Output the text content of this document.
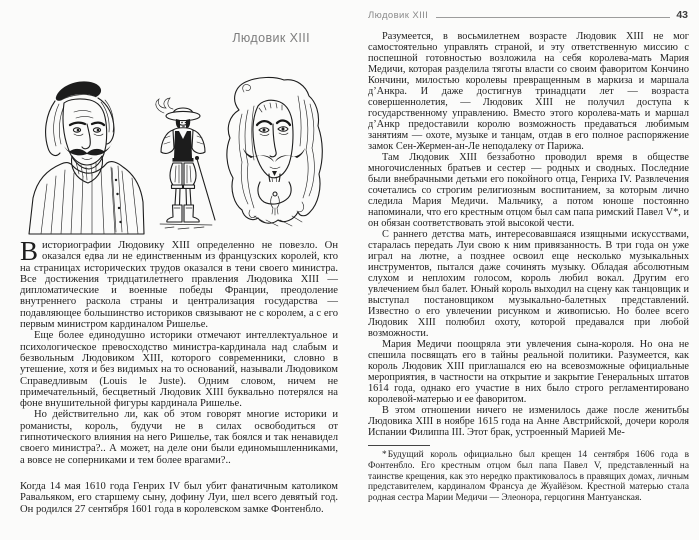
Людовик XIII

Висториографии Людовику XIII определенно не повезло. Он оказался едва ли не единственным из французских королей, кто на страницах исторических трудов оказался в тени своего министра. Все достижения тридцатилетнего правления Людовика XIII — дипломатические и военные победы Франции, преодоление внутреннего раскола страны и централизация государства — подавляющее большинство историков связывают не с королем, а с его первым министром кардиналом Ришелье.

Еще более единодушно историки отмечают интеллектуальное и психологическое превосходство министра-кардинала над слабым и безвольным Людовиком XIII, которого современники, словно в утешение, хотя и без видимых на то оснований, называли Людовиком Справедливым (Louis le Juste). Одним словом, ничем не примечательный, бесцветный Людовик XIII буквально потерялся на фоне внушительной фигуры кардинала Ришелье.

Но действительно ли, как об этом говорят многие историки и романисты, король, будучи не в силах освободиться от гипнотического влияния на него Ришелье, так боялся и так ненавидел своего министра?.. А может, на деле они были единомышленниками, а вовсе не соперниками и тем более врагами?..

Когда 14 мая 1610 года Генрих IV был убит фанатичным католиком Равальяком, его старшему сыну, дофину Луи, шел всего девятый год. Он родился 27 сентября 1601 года в королевском замке Фонтенбло.

Людовик XIII	43

Разумеется, в восьмилетнем возрасте Людовик XIII не мог самостоятельно управлять страной, и эту ответственную миссию с поспешной готовностью возложила на себя королева-мать Мария Медичи, которая разделила тяготы власти со своим фаворитом Кончино Кончини, милостью королевы превращенным в маркиза и маршала д’Анкра. И даже достигнув тринадцати лет — возраста совершеннолетия, — Людовик XIII не получил доступа к государственному управлению. Вместо этого королева-мать и маршал д’Анкр предоставили королю возможность предаваться любимым занятиям — охоте, музыке и танцам, отдав в его полное распоряжение замок Сен-Жермен-ан-Ле неподалеку от Парижа.

Там Людовик XIII беззаботно проводил время в обществе многочисленных братьев и сестер — родных и сводных. Последние были внебрачными детьми его покойного отца, Генриха IV. Развлечения сочетались со строгим религиозным воспитанием, за которым лично следила Мария Медичи. Мальчику, а потом юноше постоянно напоминали, что его крестным отцом был сам папа римский Павел V*, и он обязан соответствовать этой высокой чести.

С раннего детства мать, интересовавшаяся изящными искусствами, старалась передать Луи свою к ним привязанность. В три года он уже играл на лютне, а позднее освоил еще несколько музыкальных инструментов, пытался даже сочинять музыку. Обладая абсолютным слухом и неплохим голосом, король любил вокал. Другим его увлечением был балет. Юный король выходил на сцену как танцовщик и выступал постановщиком музыкально-балетных представлений. Известно о его увлечении рисунком и живописью. Но более всего Людовик XIII полюбил охоту, которой предавался при любой возможности.

Мария Медичи поощряла эти увлечения сына-короля. Но она не спешила посвящать его в тайны реальной политики. Разумеется, как король Людовик XIII приглашался ею на всевозможные официальные мероприятия, в частности на открытие и закрытие Генеральных штатов 1614 года, однако его участие в них было строго регламентировано королевой-матерью и ее фаворитом.

В этом отношении ничего не изменилось даже после женитьбы Людовика XIII в ноябре 1615 года на Анне Австрийской, дочери короля Испании Филиппа III. Этот брак, устроенный Марией Ме-

*Будущий король официально был крещен 14 сентября 1606 года в Фонтенбло. Его крестным отцом был папа Павел V, представленный на таинстве крещения, как это нередко практиковалось в правящих домах, личным представителем, кардиналом Франсуа де Жуайёзом. Крестной матерью стала родная сестра Марии Медичи — Элеонора, герцогиня Мантуанская.
